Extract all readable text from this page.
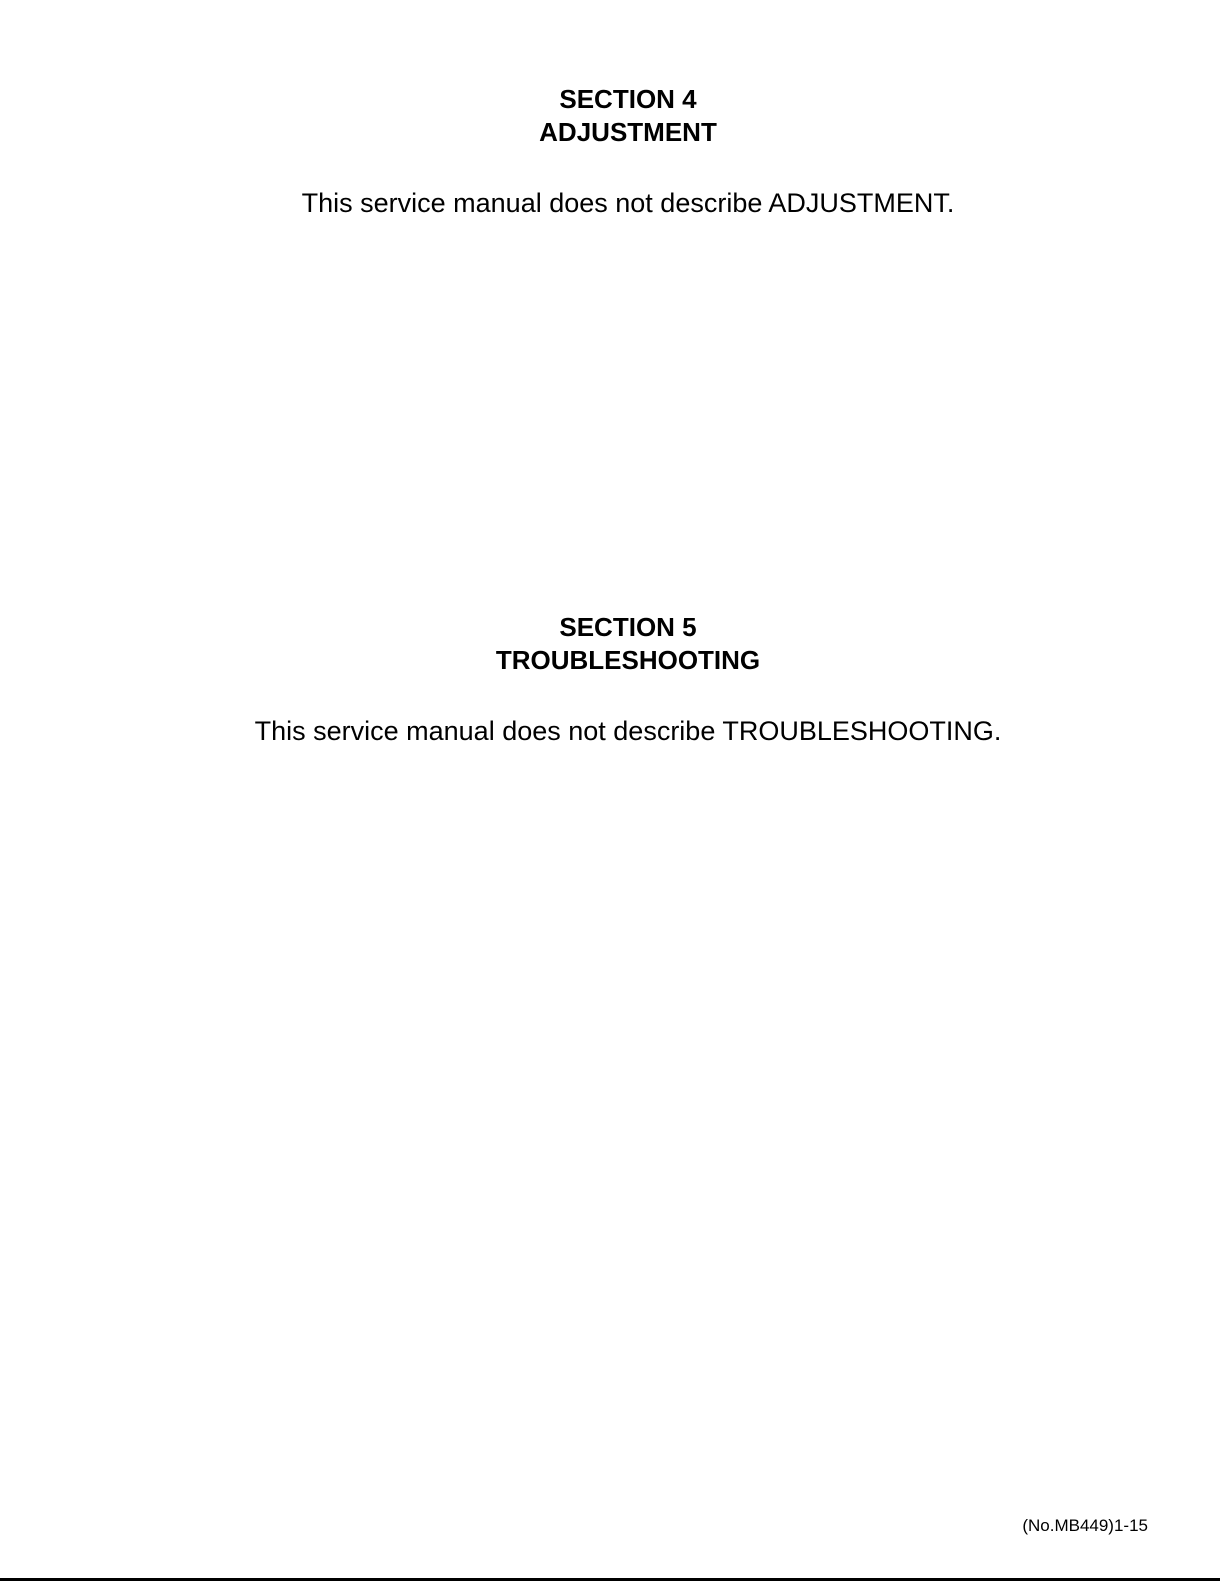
SECTION 4
ADJUSTMENT
This service manual does not describe ADJUSTMENT.
SECTION 5
TROUBLESHOOTING
This service manual does not describe TROUBLESHOOTING.
(No.MB449)1-15
